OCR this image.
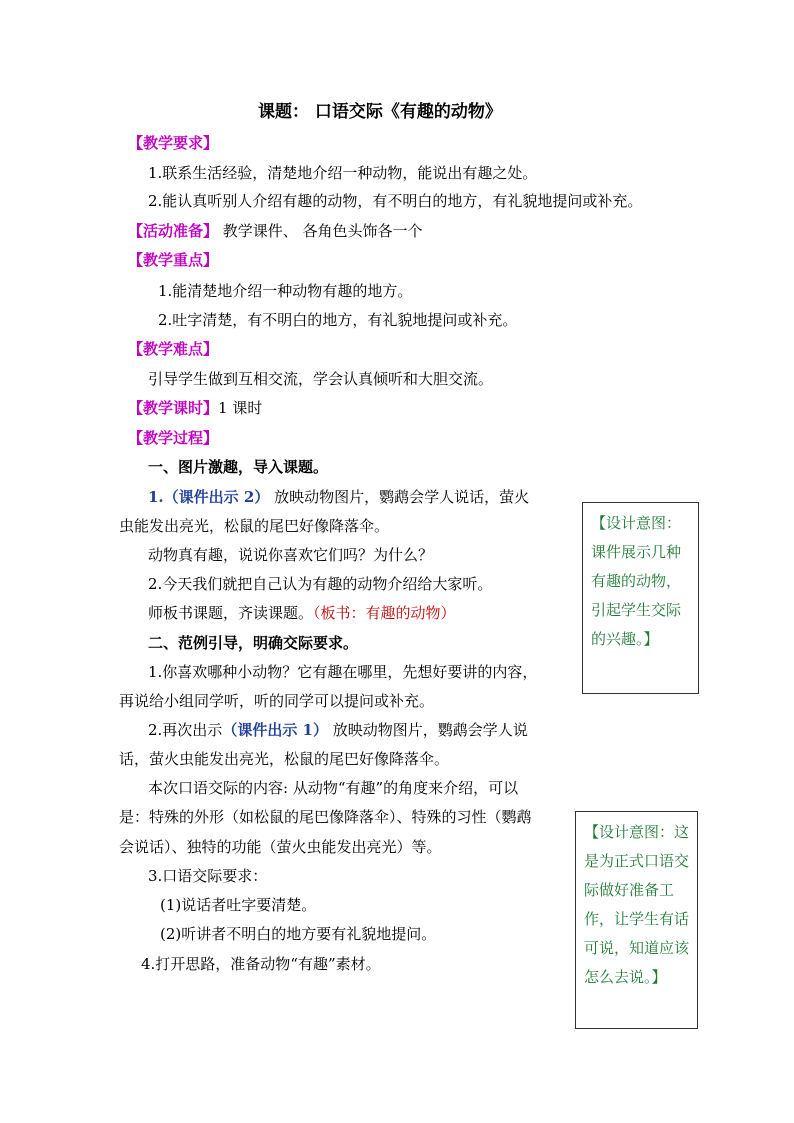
课题： 口语交际《有趣的动物》
【教学要求】
1.联系生活经验，清楚地介绍一种动物，能说出有趣之处。
2.能认真听别人介绍有趣的动物，有不明白的地方，有礼貌地提问或补充。
【活动准备】 教学课件、 各角色头饰各一个
【教学重点】
1.能清楚地介绍一种动物有趣的地方。
2.吐字清楚，有不明白的地方，有礼貌地提问或补充。
【教学难点】
引导学生做到互相交流，学会认真倾听和大胆交流。
【教学课时】1 课时
【教学过程】
一、图片激趣，导入课题。
1.（课件出示 2） 放映动物图片，鹦鹉会学人说话，萤火
虫能发出亮光，松鼠的尾巴好像降落伞。
动物真有趣，说说你喜欢它们吗？为什么？
2.今天我们就把自己认为有趣的动物介绍给大家听。
师板书课题，齐读课题。（板书：有趣的动物）
二、范例引导，明确交际要求。
1.你喜欢哪种小动物？它有趣在哪里，先想好要讲的内容，
再说给小组同学听，听的同学可以提问或补充。
2.再次出示（课件出示 1） 放映动物图片，鹦鹉会学人说
话，萤火虫能发出亮光，松鼠的尾巴好像降落伞。
本次口语交际的内容: 从动物“有趣”的角度来介绍，可以
是：特殊的外形（如松鼠的尾巴像降落伞）、特殊的习性（鹦鹉
会说话）、独特的功能（萤火虫能发出亮光）等。
3.口语交际要求：
(1)说话者吐字要清楚。
(2)听讲者不明白的地方要有礼貌地提问。
4.打开思路，准备动物“有趣”素材。
【设计意图：课件展示几种有趣的动物，引起学生交际的兴趣。】
【设计意图：这是为正式口语交际做好准备工作，让学生有话可说，知道应该怎么去说。】
